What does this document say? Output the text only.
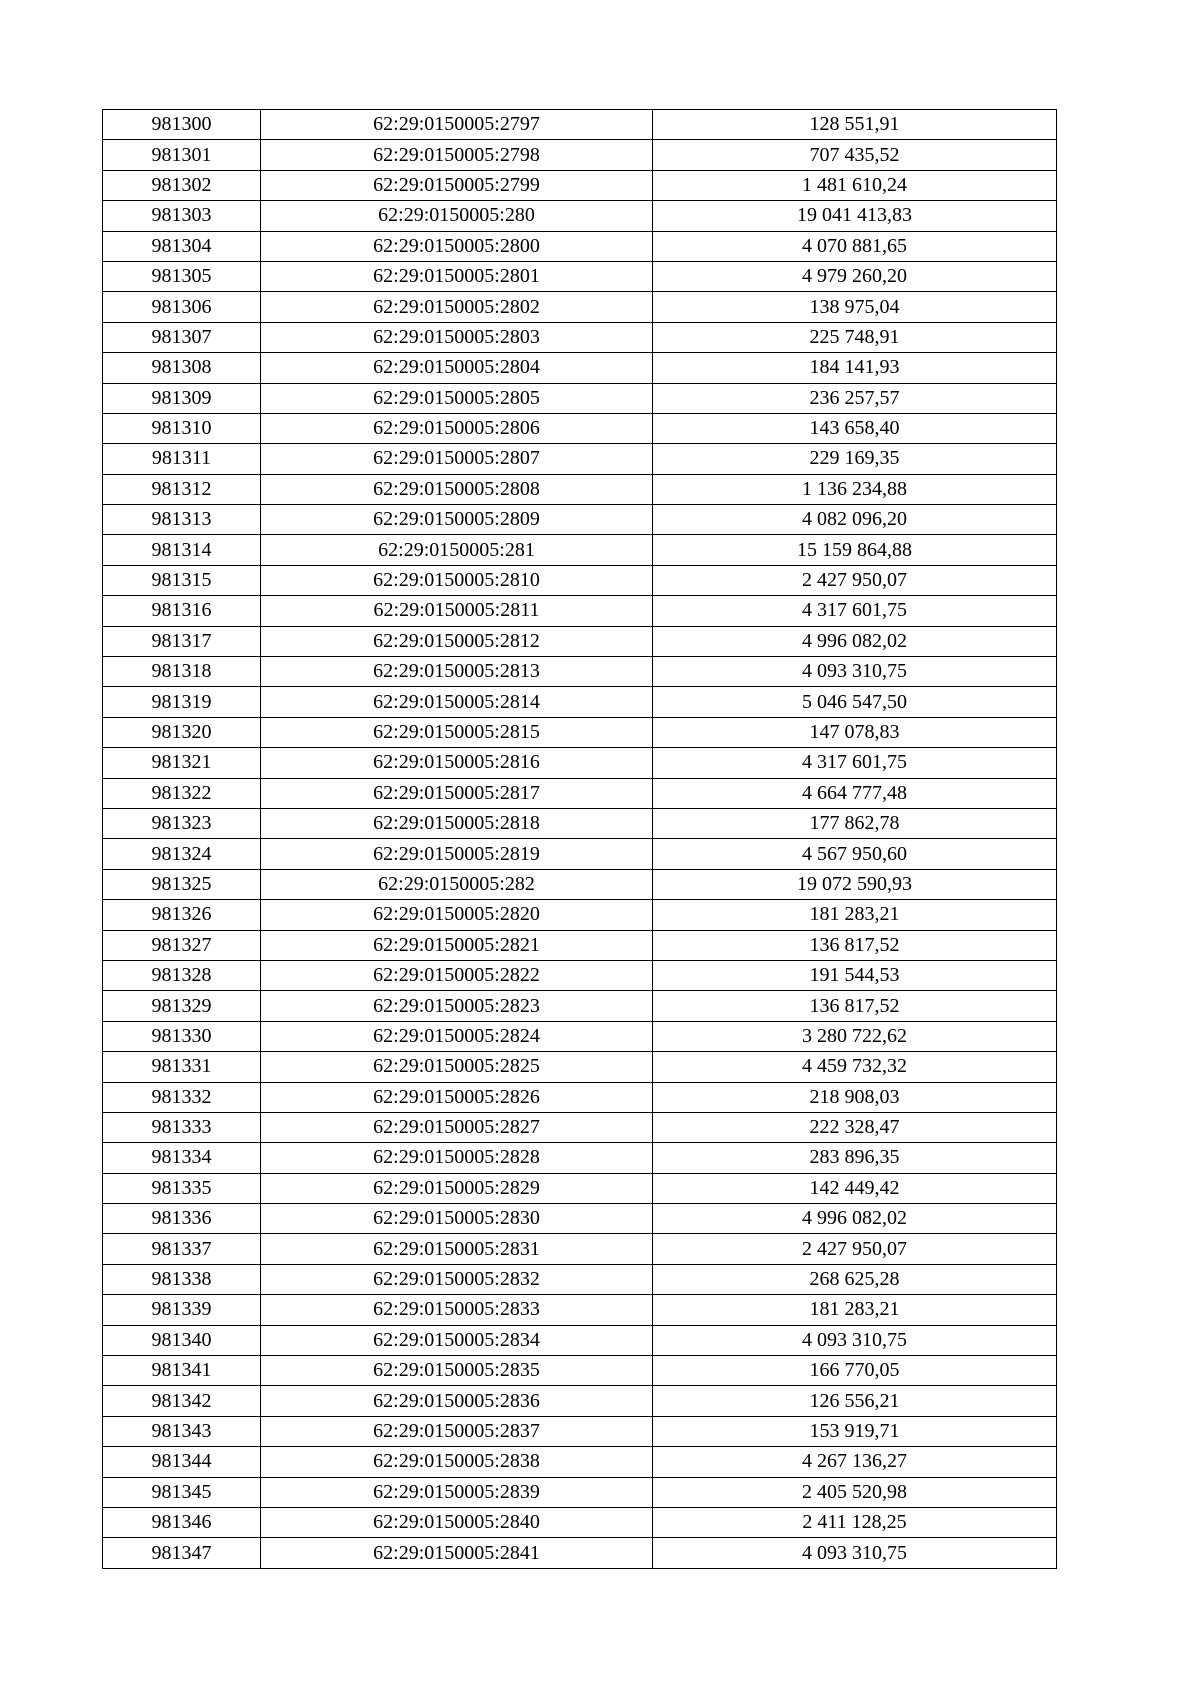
981300	62:29:0150005:2797	128 551,91
981301	62:29:0150005:2798	707 435,52
981302	62:29:0150005:2799	1 481 610,24
981303	62:29:0150005:280	19 041 413,83
981304	62:29:0150005:2800	4 070 881,65
981305	62:29:0150005:2801	4 979 260,20
981306	62:29:0150005:2802	138 975,04
981307	62:29:0150005:2803	225 748,91
981308	62:29:0150005:2804	184 141,93
981309	62:29:0150005:2805	236 257,57
981310	62:29:0150005:2806	143 658,40
981311	62:29:0150005:2807	229 169,35
981312	62:29:0150005:2808	1 136 234,88
981313	62:29:0150005:2809	4 082 096,20
981314	62:29:0150005:281	15 159 864,88
981315	62:29:0150005:2810	2 427 950,07
981316	62:29:0150005:2811	4 317 601,75
981317	62:29:0150005:2812	4 996 082,02
981318	62:29:0150005:2813	4 093 310,75
981319	62:29:0150005:2814	5 046 547,50
981320	62:29:0150005:2815	147 078,83
981321	62:29:0150005:2816	4 317 601,75
981322	62:29:0150005:2817	4 664 777,48
981323	62:29:0150005:2818	177 862,78
981324	62:29:0150005:2819	4 567 950,60
981325	62:29:0150005:282	19 072 590,93
981326	62:29:0150005:2820	181 283,21
981327	62:29:0150005:2821	136 817,52
981328	62:29:0150005:2822	191 544,53
981329	62:29:0150005:2823	136 817,52
981330	62:29:0150005:2824	3 280 722,62
981331	62:29:0150005:2825	4 459 732,32
981332	62:29:0150005:2826	218 908,03
981333	62:29:0150005:2827	222 328,47
981334	62:29:0150005:2828	283 896,35
981335	62:29:0150005:2829	142 449,42
981336	62:29:0150005:2830	4 996 082,02
981337	62:29:0150005:2831	2 427 950,07
981338	62:29:0150005:2832	268 625,28
981339	62:29:0150005:2833	181 283,21
981340	62:29:0150005:2834	4 093 310,75
981341	62:29:0150005:2835	166 770,05
981342	62:29:0150005:2836	126 556,21
981343	62:29:0150005:2837	153 919,71
981344	62:29:0150005:2838	4 267 136,27
981345	62:29:0150005:2839	2 405 520,98
981346	62:29:0150005:2840	2 411 128,25
981347	62:29:0150005:2841	4 093 310,75
